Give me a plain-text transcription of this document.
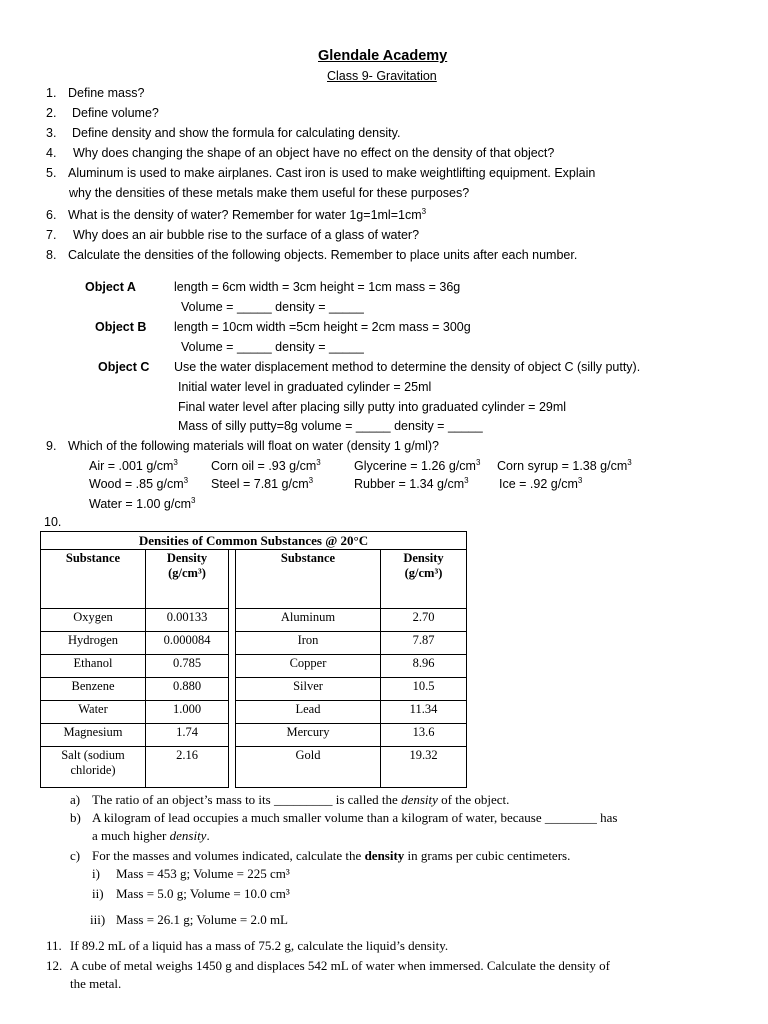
Glendale Academy
Class 9- Gravitation
1. Define mass?
2. Define volume?
3. Define density and show the formula for calculating density.
4. Why does changing the shape of an object have no effect on the density of that object?
5. Aluminum is used to make airplanes. Cast iron is used to make weightlifting equipment. Explain
why the densities of these metals make them useful for these purposes?
6. What is the density of water? Remember for water $1g=1ml=1cm^3$
7. Why does an air bubble rise to the surface of a glass of water?
8. Calculate the densities of the following objects. Remember to place units after each number.
Object A	length = 6cm width = 3cm height = 1cm mass = 36g
Volume = _____ density = _____
Object B length = 10cm width =5cm height = 2cm mass = 300g
Volume = _____ density = _____
Object C Use the water displacement method to determine the density of object C (silly putty).
Initial water level in graduated cylinder = 25ml
Final water level after placing silly putty into graduated cylinder = 29ml
Mass of silly putty=8g volume = _____ density = _____
9. Which of the following materials will float on water (density 1 g/ml)?
Air = .001 $g/cm^3$	Corn oil = .93 $g/cm^3$	Glycerine = 1.26 $g/cm^3$ Corn syrup = 1.38 $g/cm^3$
Wood = .85 $g/cm^3$ Steel = 7.81 $g/cm^3$	Rubber = 1.34 $g/cm^3$ Ice = .92 $g/cm^3$
Water = 1.00 $g/cm^3$
10.
Densities of Common Substances @ 20°C				
Substance	Density (g/cm³)		Substance	Density (g/cm³)
Oxygen	0.00133		Aluminum	2.70
Hydrogen	0.000084		Iron	7.87
Ethanol	0.785		Copper	8.96
Benzene	0.880		Silver	10.5
Water	1.000		Lead	11.34
Magnesium	1.74		Mercury	13.6
Salt (sodium chloride)	2.16		Gold	19.32
a) The ratio of an object’s mass to its _________ is called the density of the object.
b) A kilogram of lead occupies a much smaller volume than a kilogram of water, because ________ has
a much higher density.
c) For the masses and volumes indicated, calculate the density in grams per cubic centimeters.
i) Mass = 453 g; Volume = 225 cm³
ii) Mass = 5.0 g; Volume = 10.0 cm³
iii) Mass = 26.1 g; Volume = 2.0 mL
11. If 89.2 mL of a liquid has a mass of 75.2 g, calculate the liquid’s density.
12. A cube of metal weighs 1450 g and displaces 542 mL of water when immersed. Calculate the density of
the metal.
